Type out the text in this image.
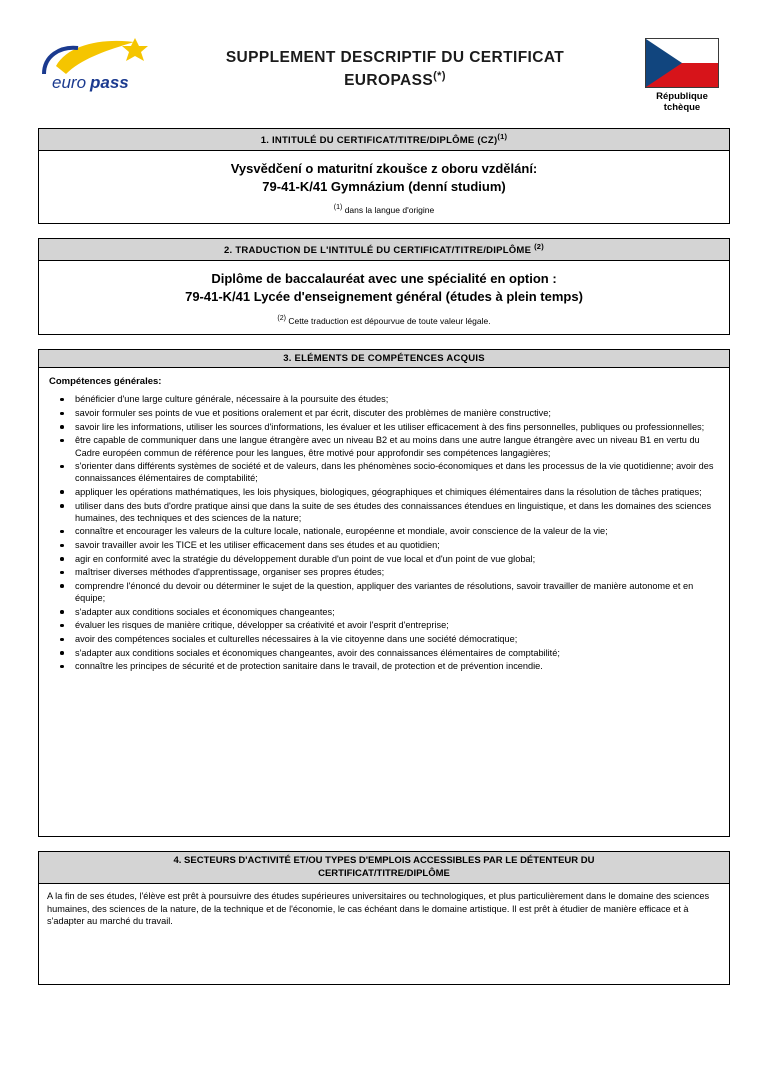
euro pass
SUPPLEMENT DESCRIPTIF DU CERTIFICAT
EUROPASS(*)
République
tchèque
1. INTITULÉ DU CERTIFICAT/TITRE/DIPLÔME (CZ)$^{(1)}$
Vysvědčení o maturitní zkoušce z oboru vzdělání:
79-41-K/41 Gymnázium (denní studium)
$^{(1)}$ dans la langue d'origine
2. TRADUCTION DE L'INTITULÉ DU CERTIFICAT/TITRE/DIPLÔME $^{(2)}$
Diplôme de baccalauréat avec une spécialité en option :
79-41-K/41 Lycée d'enseignement général (études à plein temps)
$^{(2)}$ Cette traduction est dépourvue de toute valeur légale.
3. ELÉMENTS DE COMPÉTENCES ACQUIS
Compétences générales:
bénéficier d'une large culture générale, nécessaire à la poursuite des études;
savoir formuler ses points de vue et positions oralement et par écrit, discuter des problèmes de manière constructive;
savoir lire les informations, utiliser les sources d'informations, les évaluer et les utiliser efficacement à des fins personnelles, publiques ou professionnelles;
être capable de communiquer dans une langue étrangère avec un niveau B2 et au moins dans une autre langue étrangère avec un niveau B1 en vertu du Cadre européen commun de référence pour les langues, être motivé pour approfondir ses compétences langagières;
s'orienter dans différents systèmes de société et de valeurs, dans les phénomènes socio-économiques et dans les processus de la vie quotidienne; avoir des connaissances élémentaires de comptabilité;
appliquer les opérations mathématiques, les lois physiques, biologiques, géographiques et chimiques élémentaires dans la résolution de tâches pratiques;
utiliser dans des buts d'ordre pratique ainsi que dans la suite de ses études des connaissances étendues en linguistique, et dans les domaines des sciences humaines, des techniques et des sciences de la nature;
connaître et encourager les valeurs de la culture locale, nationale, européenne et mondiale, avoir conscience de la valeur de la vie;
savoir travailler avoir les TICE et les utiliser efficacement dans ses études et au quotidien;
agir en conformité avec la stratégie du développement durable d'un point de vue local et d'un point de vue global;
maîtriser diverses méthodes d'apprentissage, organiser ses propres études;
comprendre l'énoncé du devoir ou déterminer le sujet de la question, appliquer des variantes de résolutions, savoir travailler de manière autonome et en équipe;
s'adapter aux conditions sociales et économiques changeantes;
évaluer les risques de manière critique, développer sa créativité et avoir l'esprit d'entreprise;
avoir des compétences sociales et culturelles nécessaires à la vie citoyenne dans une société démocratique;
s'adapter aux conditions sociales et économiques changeantes, avoir des connaissances élémentaires de comptabilité;
connaître les principes de sécurité et de protection sanitaire dans le travail, de protection et de prévention incendie.
4. SECTEURS D'ACTIVITÉ ET/OU TYPES D'EMPLOIS ACCESSIBLES PAR LE DÉTENTEUR DU
CERTIFICAT/TITRE/DIPLÔME

A la fin de ses études, l'élève est prêt à poursuivre des études supérieures universitaires ou technologiques, et plus particulièrement dans le domaine des sciences humaines, des sciences de la nature, de la technique et de l'économie, le cas échéant dans le domaine artistique. Il est prêt à étudier de manière efficace et à s'adapter au marché du travail.
